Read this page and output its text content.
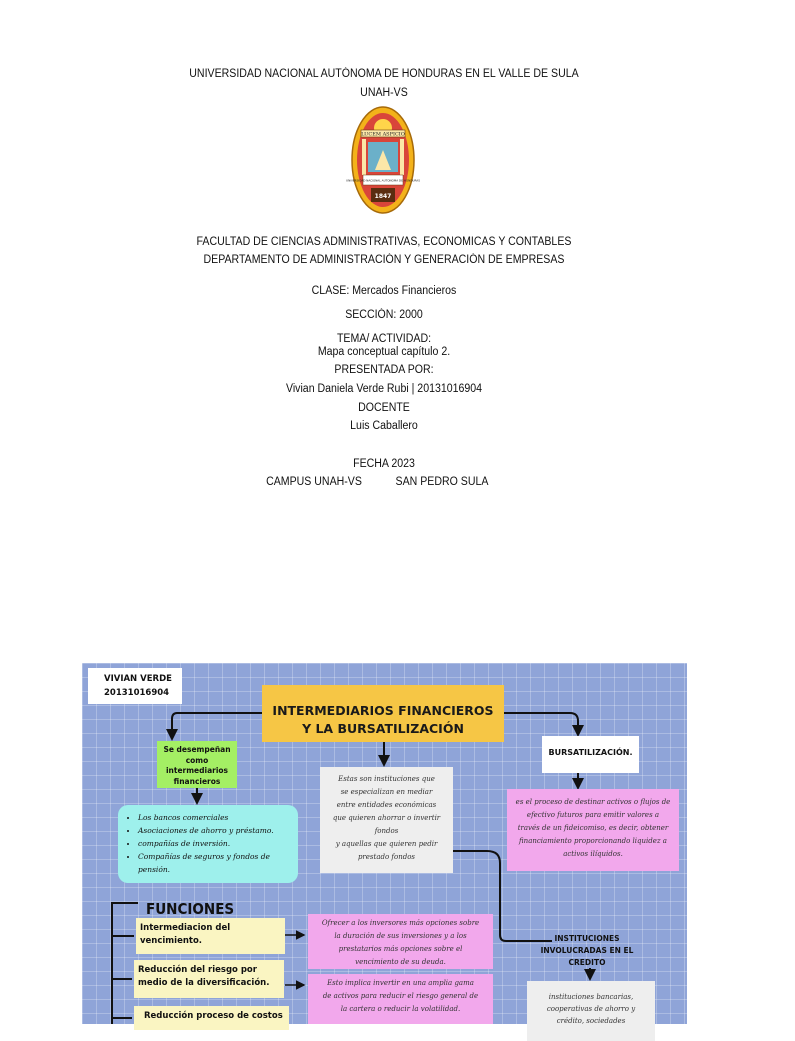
UNIVERSIDAD NACIONAL AUTÓNOMA DE HONDURAS EN EL VALLE DE SULA
UNAH-VS
LUCEM ASPICIO
UNIVERSIDAD NACIONAL AUTONOMA DE HONDURAS
1847
FACULTAD DE CIENCIAS ADMINISTRATIVAS, ECONOMICAS Y CONTABLES
DEPARTAMENTO DE ADMINISTRACIÓN Y GENERACIÓN DE EMPRESAS
CLASE: Mercados Financieros
SECCIÓN: 2000
TEMA/ ACTIVIDAD:
Mapa conceptual capítulo 2.
PRESENTADA POR:
Vivian Daniela Verde Rubi | 20131016904
DOCENTE
Luis Caballero
FECHA 2023
CAMPUS UNAH-VS	SAN PEDRO SULA
VIVIAN VERDE
20131016904
INTERMEDIARIOS FINANCIEROS
Y LA BURSATILIZACIÓN
Se desempeñan como intermediarios financieros
• Los bancos comerciales
• Asociaciones de ahorro y préstamo.
• compañías de inversión.
• Compañías de seguros y fondos de pensión.
Estas son instituciones que
se especializan en mediar
entre entidades económicas
que quieren ahorrar o invertir
fondos
y aquellas que quieren pedir
prestado fondos
BURSATILIZACIÓN.
es el proceso de destinar activos o flujos de
efectivo futuros para emitir valores a
través de un fideicomiso, es decir, obtener
financiamiento proporcionando liquidez a
activos ilíquidos.
FUNCIONES
Intermediacion del vencimiento.
Reducción del riesgo por medio de la diversificación.
Reducción proceso de costos
Ofrecer a los inversores más opciones sobre
la duración de sus inversiones y a los
prestatarios más opciones sobre el
vencimiento de su deuda.
Esto implica invertir en una amplia gama
de activos para reducir el riesgo general de
la cartera o reducir la volatilidad.
INSTITUCIONES INVOLUCRADAS EN EL CREDITO
instituciones bancarias,
cooperativas de ahorro y
crédito, sociedades
